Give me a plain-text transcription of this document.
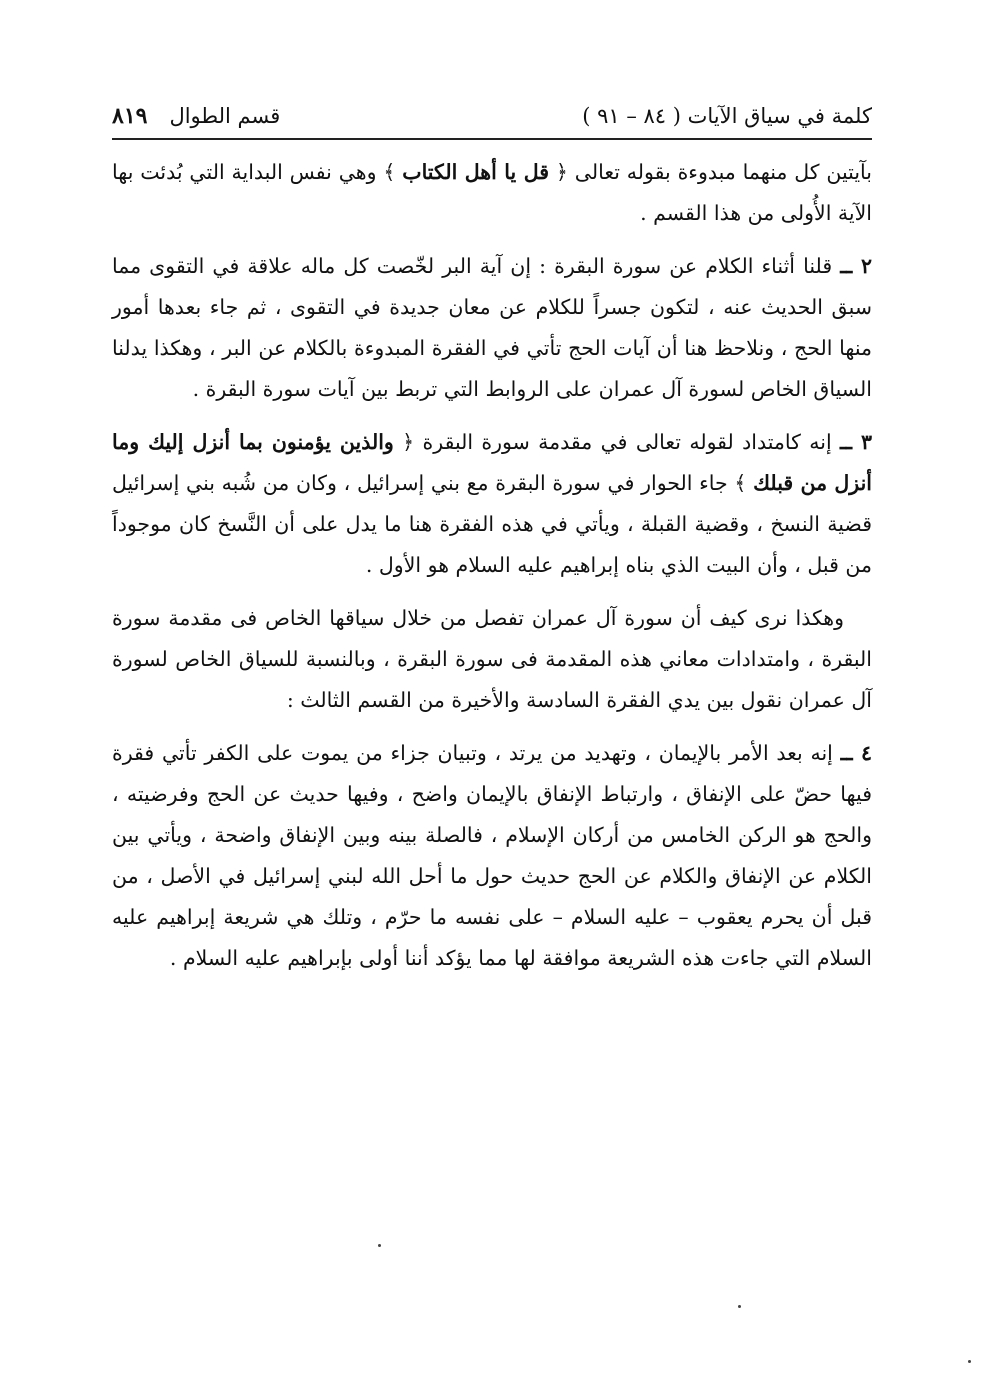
كلمة في سياق الآيات ( ٨٤ – ٩١ )
قسم الطوال
٨١٩

بآيتين كل منهما مبدوءة بقوله تعالى ﴿ قل يا أهل الكتاب ﴾ وهي نفس البداية التي بُدئت بها الآية الأُولى من هذا القسم .

٢ ــ قلنا أثناء الكلام عن سورة البقرة : إن آية البر لخّصت كل ماله علاقة في التقوى مما سبق الحديث عنه ، لتكون جسراً للكلام عن معان جديدة في التقوى ، ثم جاء بعدها أمور منها الحج ، ونلاحظ هنا أن آيات الحج تأتي في الفقرة المبدوءة بالكلام عن البر ، وهكذا يدلنا السياق الخاص لسورة آل عمران على الروابط التي تربط بين آيات سورة البقرة .

٣ ــ إنه كامتداد لقوله تعالى في مقدمة سورة البقرة ﴿ والذين يؤمنون بما أنزل إليك وما أنزل من قبلك ﴾ جاء الحوار في سورة البقرة مع بني إسرائيل ، وكان من شُبه بني إسرائيل قضية النسخ ، وقضية القبلة ، ويأتي في هذه الفقرة هنا ما يدل على أن النَّسخ كان موجوداً من قبل ، وأن البيت الذي بناه إبراهيم عليه السلام هو الأول .

وهكذا نرى كيف أن سورة آل عمران تفصل من خلال سياقها الخاص فى مقدمة سورة البقرة ، وامتدادات معاني هذه المقدمة فى سورة البقرة ، وبالنسبة للسياق الخاص لسورة آل عمران نقول بين يدي الفقرة السادسة والأخيرة من القسم الثالث :

٤ ــ إنه بعد الأمر بالإيمان ، وتهديد من يرتد ، وتبيان جزاء من يموت على الكفر تأتي فقرة فيها حضّ على الإنفاق ، وارتباط الإنفاق بالإيمان واضح ، وفيها حديث عن الحج وفرضيته ، والحج هو الركن الخامس من أركان الإسلام ، فالصلة بينه وبين الإنفاق واضحة ، ويأتي بين الكلام عن الإنفاق والكلام عن الحج حديث حول ما أحل الله لبني إسرائيل في الأصل ، من قبل أن يحرم يعقوب – عليه السلام – على نفسه ما حرّم ، وتلك هي شريعة إبراهيم عليه السلام التي جاءت هذه الشريعة موافقة لها مما يؤكد أننا أولى بإبراهيم عليه السلام .
